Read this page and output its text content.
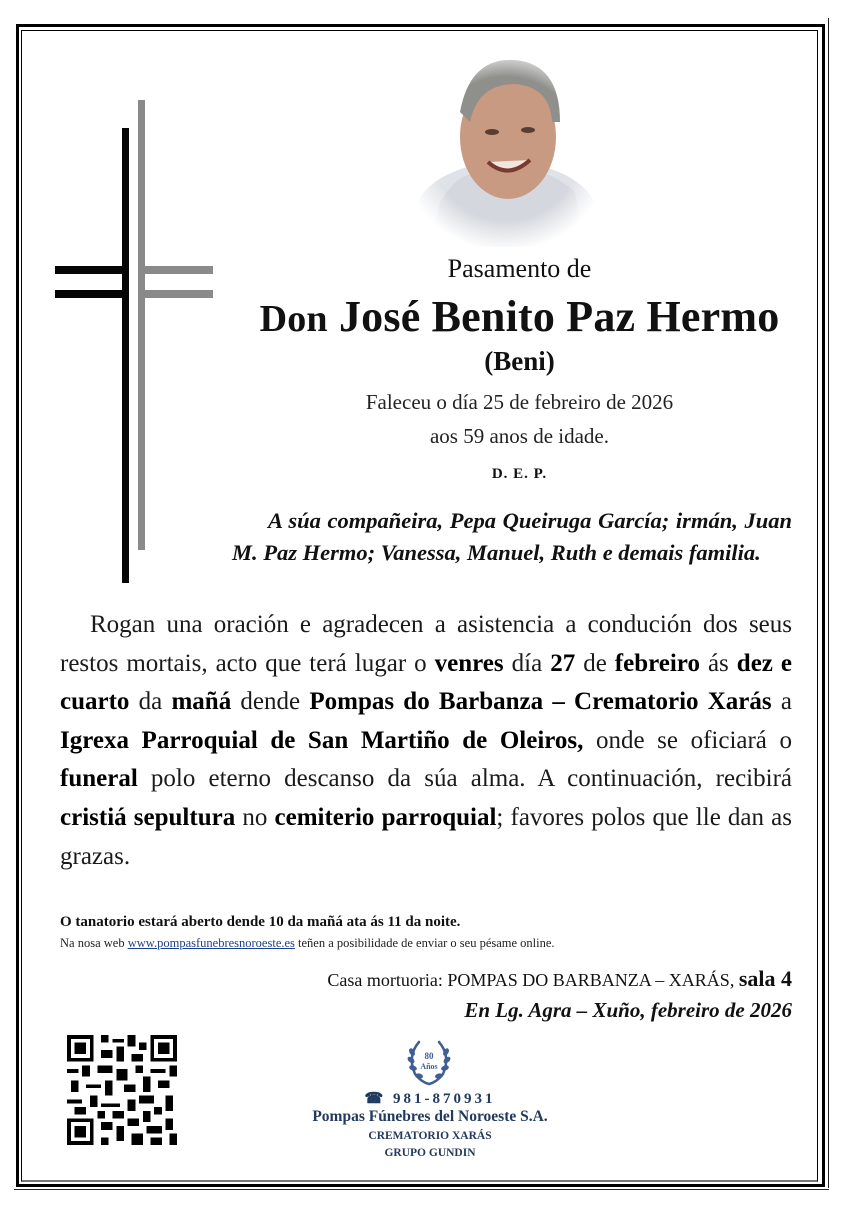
Pasamento de
Don José Benito Paz Hermo
(Beni)
Faleceu o día 25 de febreiro de 2026
aos 59 anos de idade.
D. E. P.
A súa compañeira, Pepa Queiruga García; irmán, Juan M. Paz Hermo; Vanessa, Manuel, Ruth e demais familia.
Rogan una oración e agradecen a asistencia a condución dos seus restos mortais, acto que terá lugar o venres día 27 de febreiro ás dez e cuarto da mañá dende Pompas do Barbanza – Crematorio Xarás a Igrexa Parroquial de San Martiño de Oleiros, onde se oficiará o funeral polo eterno descanso da súa alma. A continuación, recibirá cristiá sepultura no cemiterio parroquial; favores polos que lle dan as grazas.
O tanatorio estará aberto dende 10 da mañá ata ás 11 da noite.
Na nosa web www.pompasfunebresnoroeste.es teñen a posibilidade de enviar o seu pésame online.
Casa mortuoria: POMPAS DO BARBANZA – XARÁS, sala 4
En Lg. Agra – Xuño, febreiro de 2026
80
Años
☎ 981-870931
Pompas Fúnebres del Noroeste S.A.
CREMATORIO XARÁS
GRUPO GUNDIN
